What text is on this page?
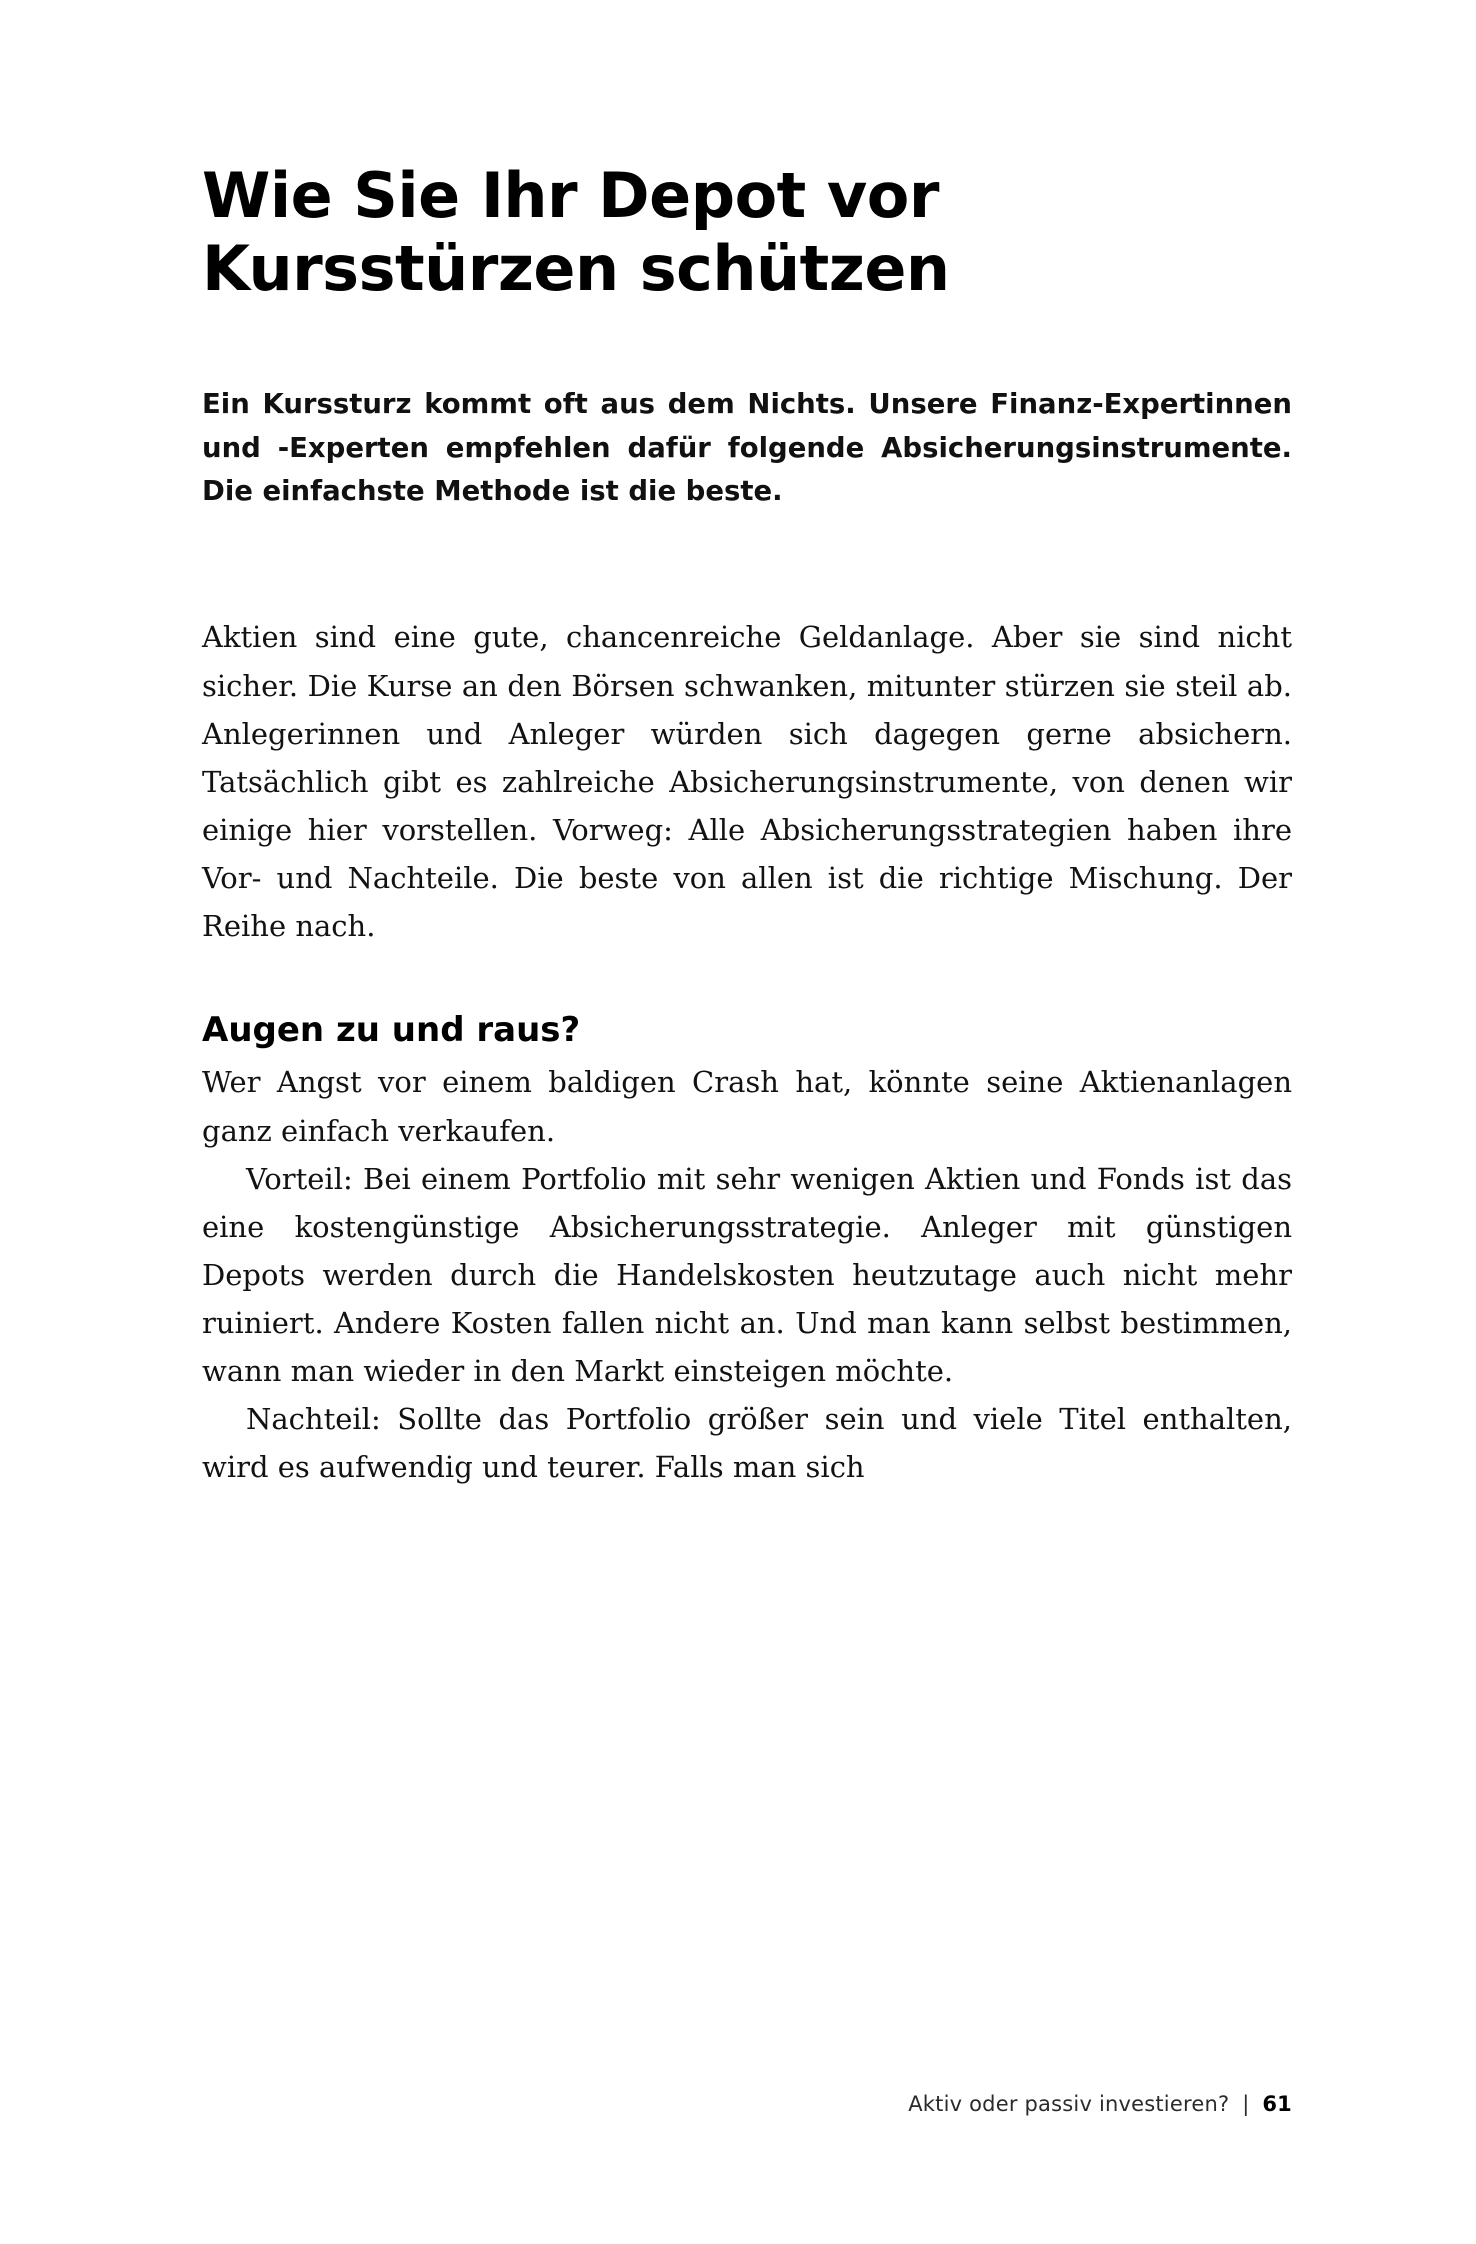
Wie Sie Ihr Depot vor Kursstürzen schützen

Ein Kurssturz kommt oft aus dem Nichts. Unsere Finanz-Expertinnen und -Experten empfehlen dafür folgende Absicherungsinstrumente. Die einfachste Methode ist die beste.

Aktien sind eine gute, chancenreiche Geldanlage. Aber sie sind nicht sicher. Die Kurse an den Börsen schwanken, mitunter stürzen sie steil ab. Anlegerinnen und Anleger würden sich dagegen gerne absichern. Tatsächlich gibt es zahlreiche Absicherungsinstrumente, von denen wir einige hier vorstellen. Vorweg: Alle Absicherungsstrategien haben ihre Vor- und Nachteile. Die beste von allen ist die richtige Mischung. Der Reihe nach.

Augen zu und raus?

Wer Angst vor einem baldigen Crash hat, könnte seine Aktienanlagen ganz einfach verkaufen.

Vorteil: Bei einem Portfolio mit sehr wenigen Aktien und Fonds ist das eine kostengünstige Absicherungsstrategie. Anleger mit günstigen Depots werden durch die Handelskosten heutzutage auch nicht mehr ruiniert. Andere Kosten fallen nicht an. Und man kann selbst bestimmen, wann man wieder in den Markt einsteigen möchte.

Nachteil: Sollte das Portfolio größer sein und viele Titel enthalten, wird es aufwendig und teurer. Falls man sich

Aktiv oder passiv investieren? | 61
